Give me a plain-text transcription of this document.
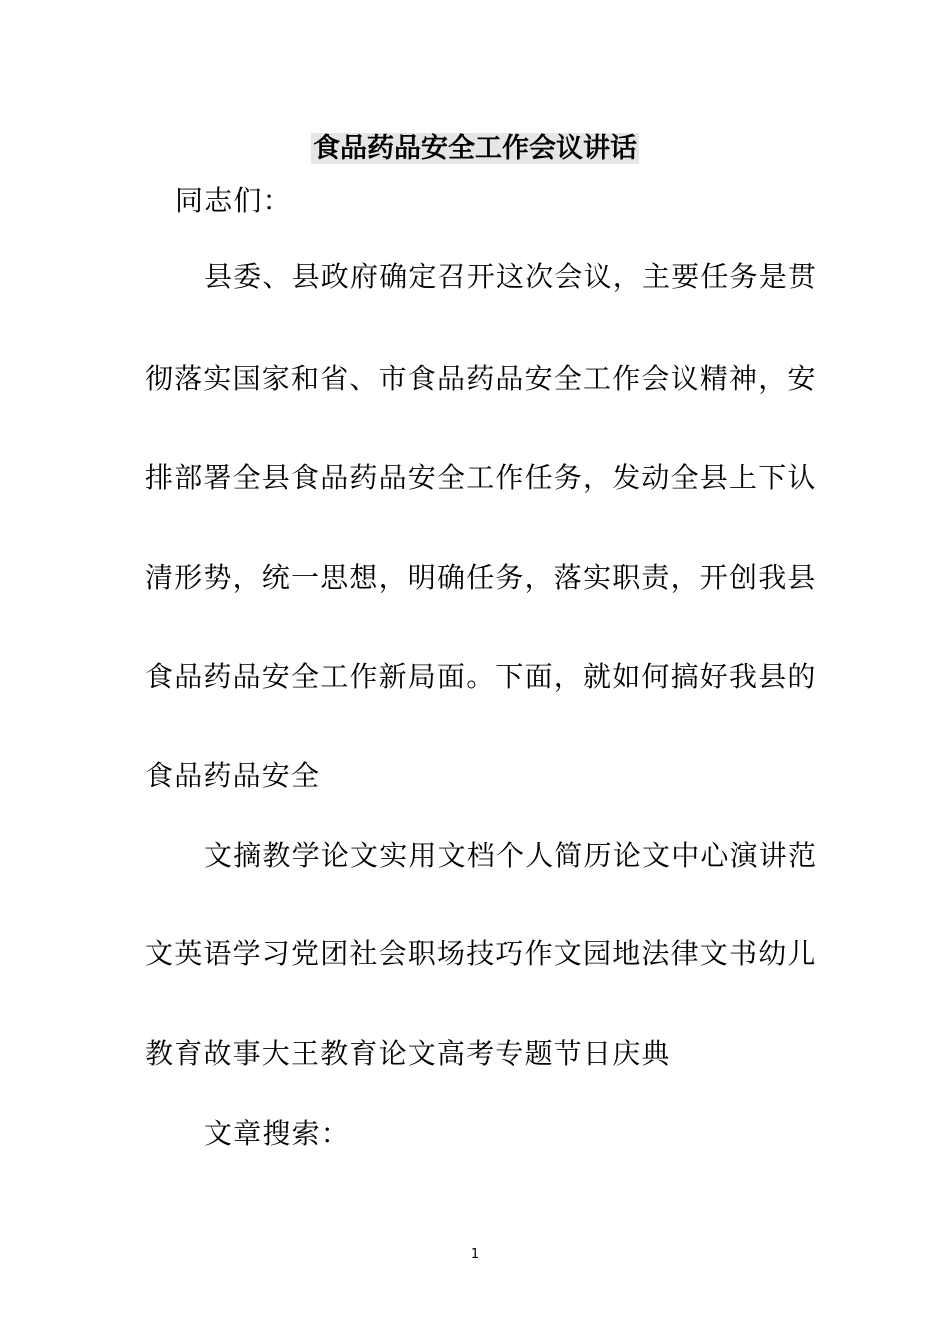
食品药品安全工作会议讲话
同志们：
县委、县政府确定召开这次会议，主要任务是贯
彻落实国家和省、市食品药品安全工作会议精神，安
排部署全县食品药品安全工作任务，发动全县上下认
清形势，统一思想，明确任务，落实职责，开创我县
食品药品安全工作新局面。下面，就如何搞好我县的
食品药品安全
文摘教学论文实用文档个人简历论文中心演讲范
文英语学习党团社会职场技巧作文园地法律文书幼儿
教育故事大王教育论文高考专题节日庆典
文章搜索：
1
